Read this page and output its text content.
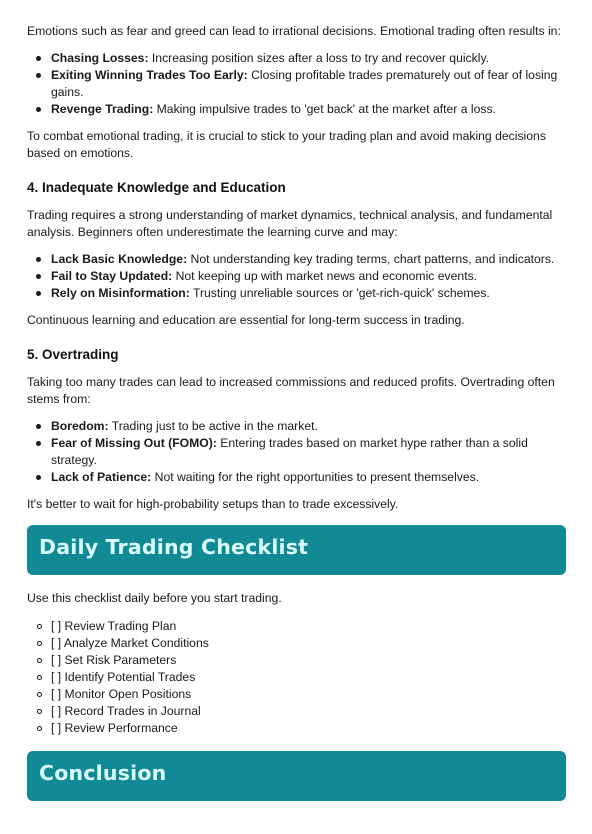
Emotions such as fear and greed can lead to irrational decisions. Emotional trading often results in:

Chasing Losses: Increasing position sizes after a loss to try and recover quickly.
Exiting Winning Trades Too Early: Closing profitable trades prematurely out of fear of losing gains.
Revenge Trading: Making impulsive trades to 'get back' at the market after a loss.

To combat emotional trading, it is crucial to stick to your trading plan and avoid making decisions based on emotions.

4. Inadequate Knowledge and Education

Trading requires a strong understanding of market dynamics, technical analysis, and fundamental analysis. Beginners often underestimate the learning curve and may:

Lack Basic Knowledge: Not understanding key trading terms, chart patterns, and indicators.
Fail to Stay Updated: Not keeping up with market news and economic events.
Rely on Misinformation: Trusting unreliable sources or 'get-rich-quick' schemes.

Continuous learning and education are essential for long-term success in trading.

5. Overtrading

Taking too many trades can lead to increased commissions and reduced profits. Overtrading often stems from:

Boredom: Trading just to be active in the market.
Fear of Missing Out (FOMO): Entering trades based on market hype rather than a solid strategy.
Lack of Patience: Not waiting for the right opportunities to present themselves.

It's better to wait for high-probability setups than to trade excessively.

Daily Trading Checklist

Use this checklist daily before you start trading.

[ ] Review Trading Plan
[ ] Analyze Market Conditions
[ ] Set Risk Parameters
[ ] Identify Potential Trades
[ ] Monitor Open Positions
[ ] Record Trades in Journal
[ ] Review Performance
Conclusion
